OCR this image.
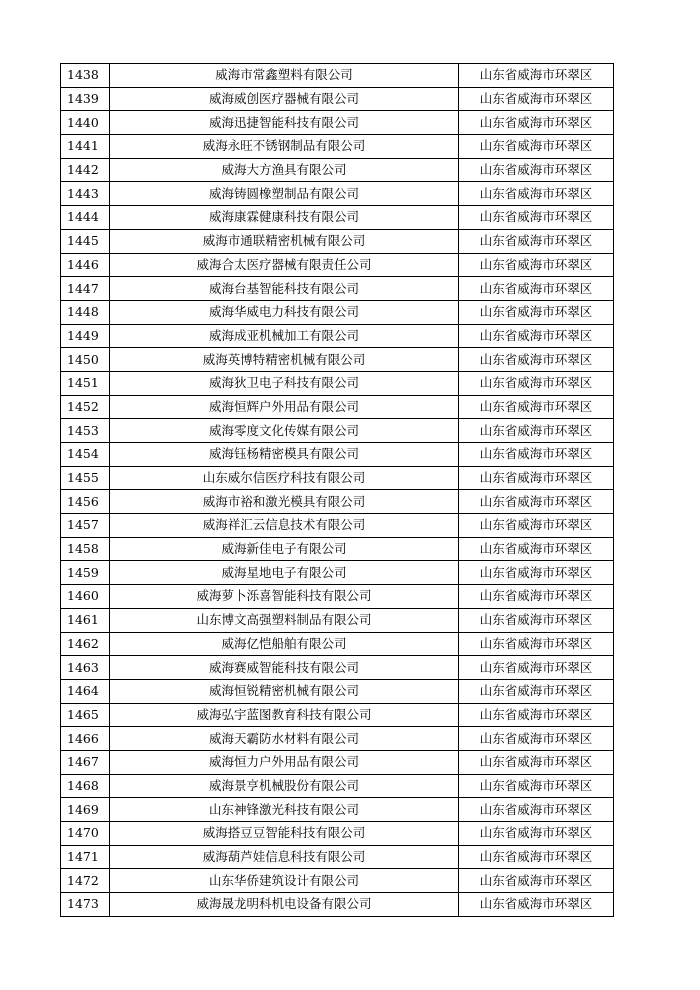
1438	威海市常鑫塑料有限公司	山东省威海市环翠区
1439	威海威创医疗器械有限公司	山东省威海市环翠区
1440	威海迅捷智能科技有限公司	山东省威海市环翠区
1441	威海永旺不锈钢制品有限公司	山东省威海市环翠区
1442	威海大方渔具有限公司	山东省威海市环翠区
1443	威海铸圆橡塑制品有限公司	山东省威海市环翠区
1444	威海康霖健康科技有限公司	山东省威海市环翠区
1445	威海市通联精密机械有限公司	山东省威海市环翠区
1446	威海合太医疗器械有限责任公司	山东省威海市环翠区
1447	威海台基智能科技有限公司	山东省威海市环翠区
1448	威海华威电力科技有限公司	山东省威海市环翠区
1449	威海成亚机械加工有限公司	山东省威海市环翠区
1450	威海英博特精密机械有限公司	山东省威海市环翠区
1451	威海狄卫电子科技有限公司	山东省威海市环翠区
1452	威海恒辉户外用品有限公司	山东省威海市环翠区
1453	威海零度文化传媒有限公司	山东省威海市环翠区
1454	威海钰杨精密模具有限公司	山东省威海市环翠区
1455	山东威尔信医疗科技有限公司	山东省威海市环翠区
1456	威海市裕和激光模具有限公司	山东省威海市环翠区
1457	威海祥汇云信息技术有限公司	山东省威海市环翠区
1458	威海新佳电子有限公司	山东省威海市环翠区
1459	威海星地电子有限公司	山东省威海市环翠区
1460	威海萝卜泺喜智能科技有限公司	山东省威海市环翠区
1461	山东博文高强塑料制品有限公司	山东省威海市环翠区
1462	威海亿恺船舶有限公司	山东省威海市环翠区
1463	威海赛威智能科技有限公司	山东省威海市环翠区
1464	威海恒锐精密机械有限公司	山东省威海市环翠区
1465	威海弘宇蓝图教育科技有限公司	山东省威海市环翠区
1466	威海天霸防水材料有限公司	山东省威海市环翠区
1467	威海恒力户外用品有限公司	山东省威海市环翠区
1468	威海景亨机械股份有限公司	山东省威海市环翠区
1469	山东神锋激光科技有限公司	山东省威海市环翠区
1470	威海搭豆豆智能科技有限公司	山东省威海市环翠区
1471	威海葫芦娃信息科技有限公司	山东省威海市环翠区
1472	山东华侨建筑设计有限公司	山东省威海市环翠区
1473	威海晟龙明科机电设备有限公司	山东省威海市环翠区
